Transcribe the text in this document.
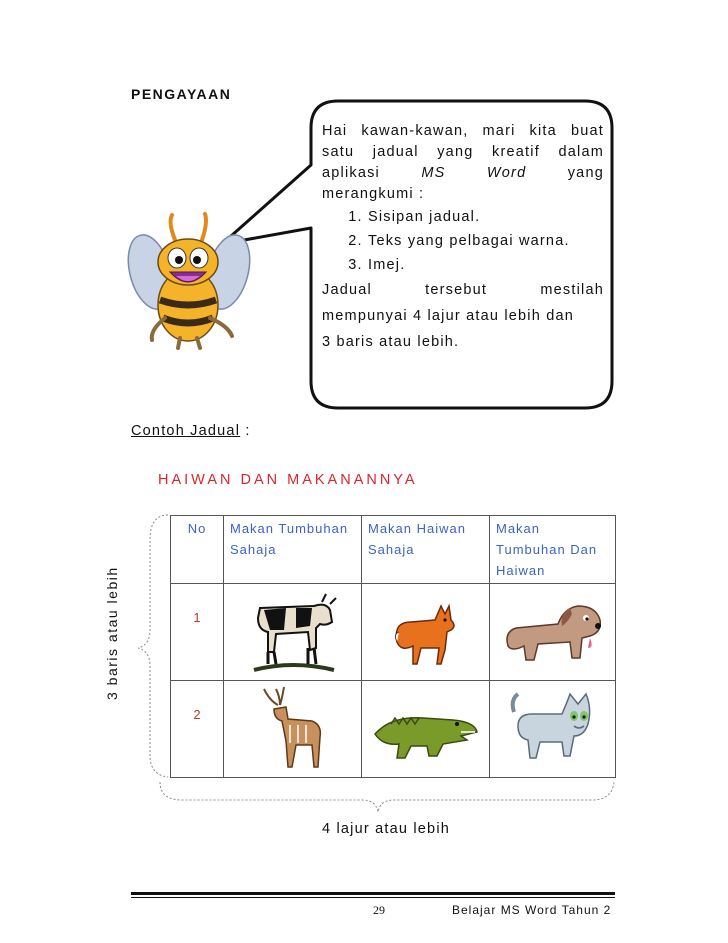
PENGAYAAN

Hai kawan-kawan, mari kita buat satu jadual yang kreatif dalam

aplikasi	MS Word	yang

merangkumi :

1. Sisipan jadual.
2. Teks yang pelbagai warna.
3. Imej.

Jadual tersebut mestilah

mempunyai 4 lajur atau lebih dan

3 baris atau lebih.

Contoh Jadual :
HAIWAN DAN MAKANANNYA
No	Makan Tumbuhan Sahaja	Makan Haiwan Sahaja	Makan Tumbuhan Dan Haiwan

1

2

3 baris atau lebih
4 lajur atau lebih
29	Belajar MS Word Tahun 2
